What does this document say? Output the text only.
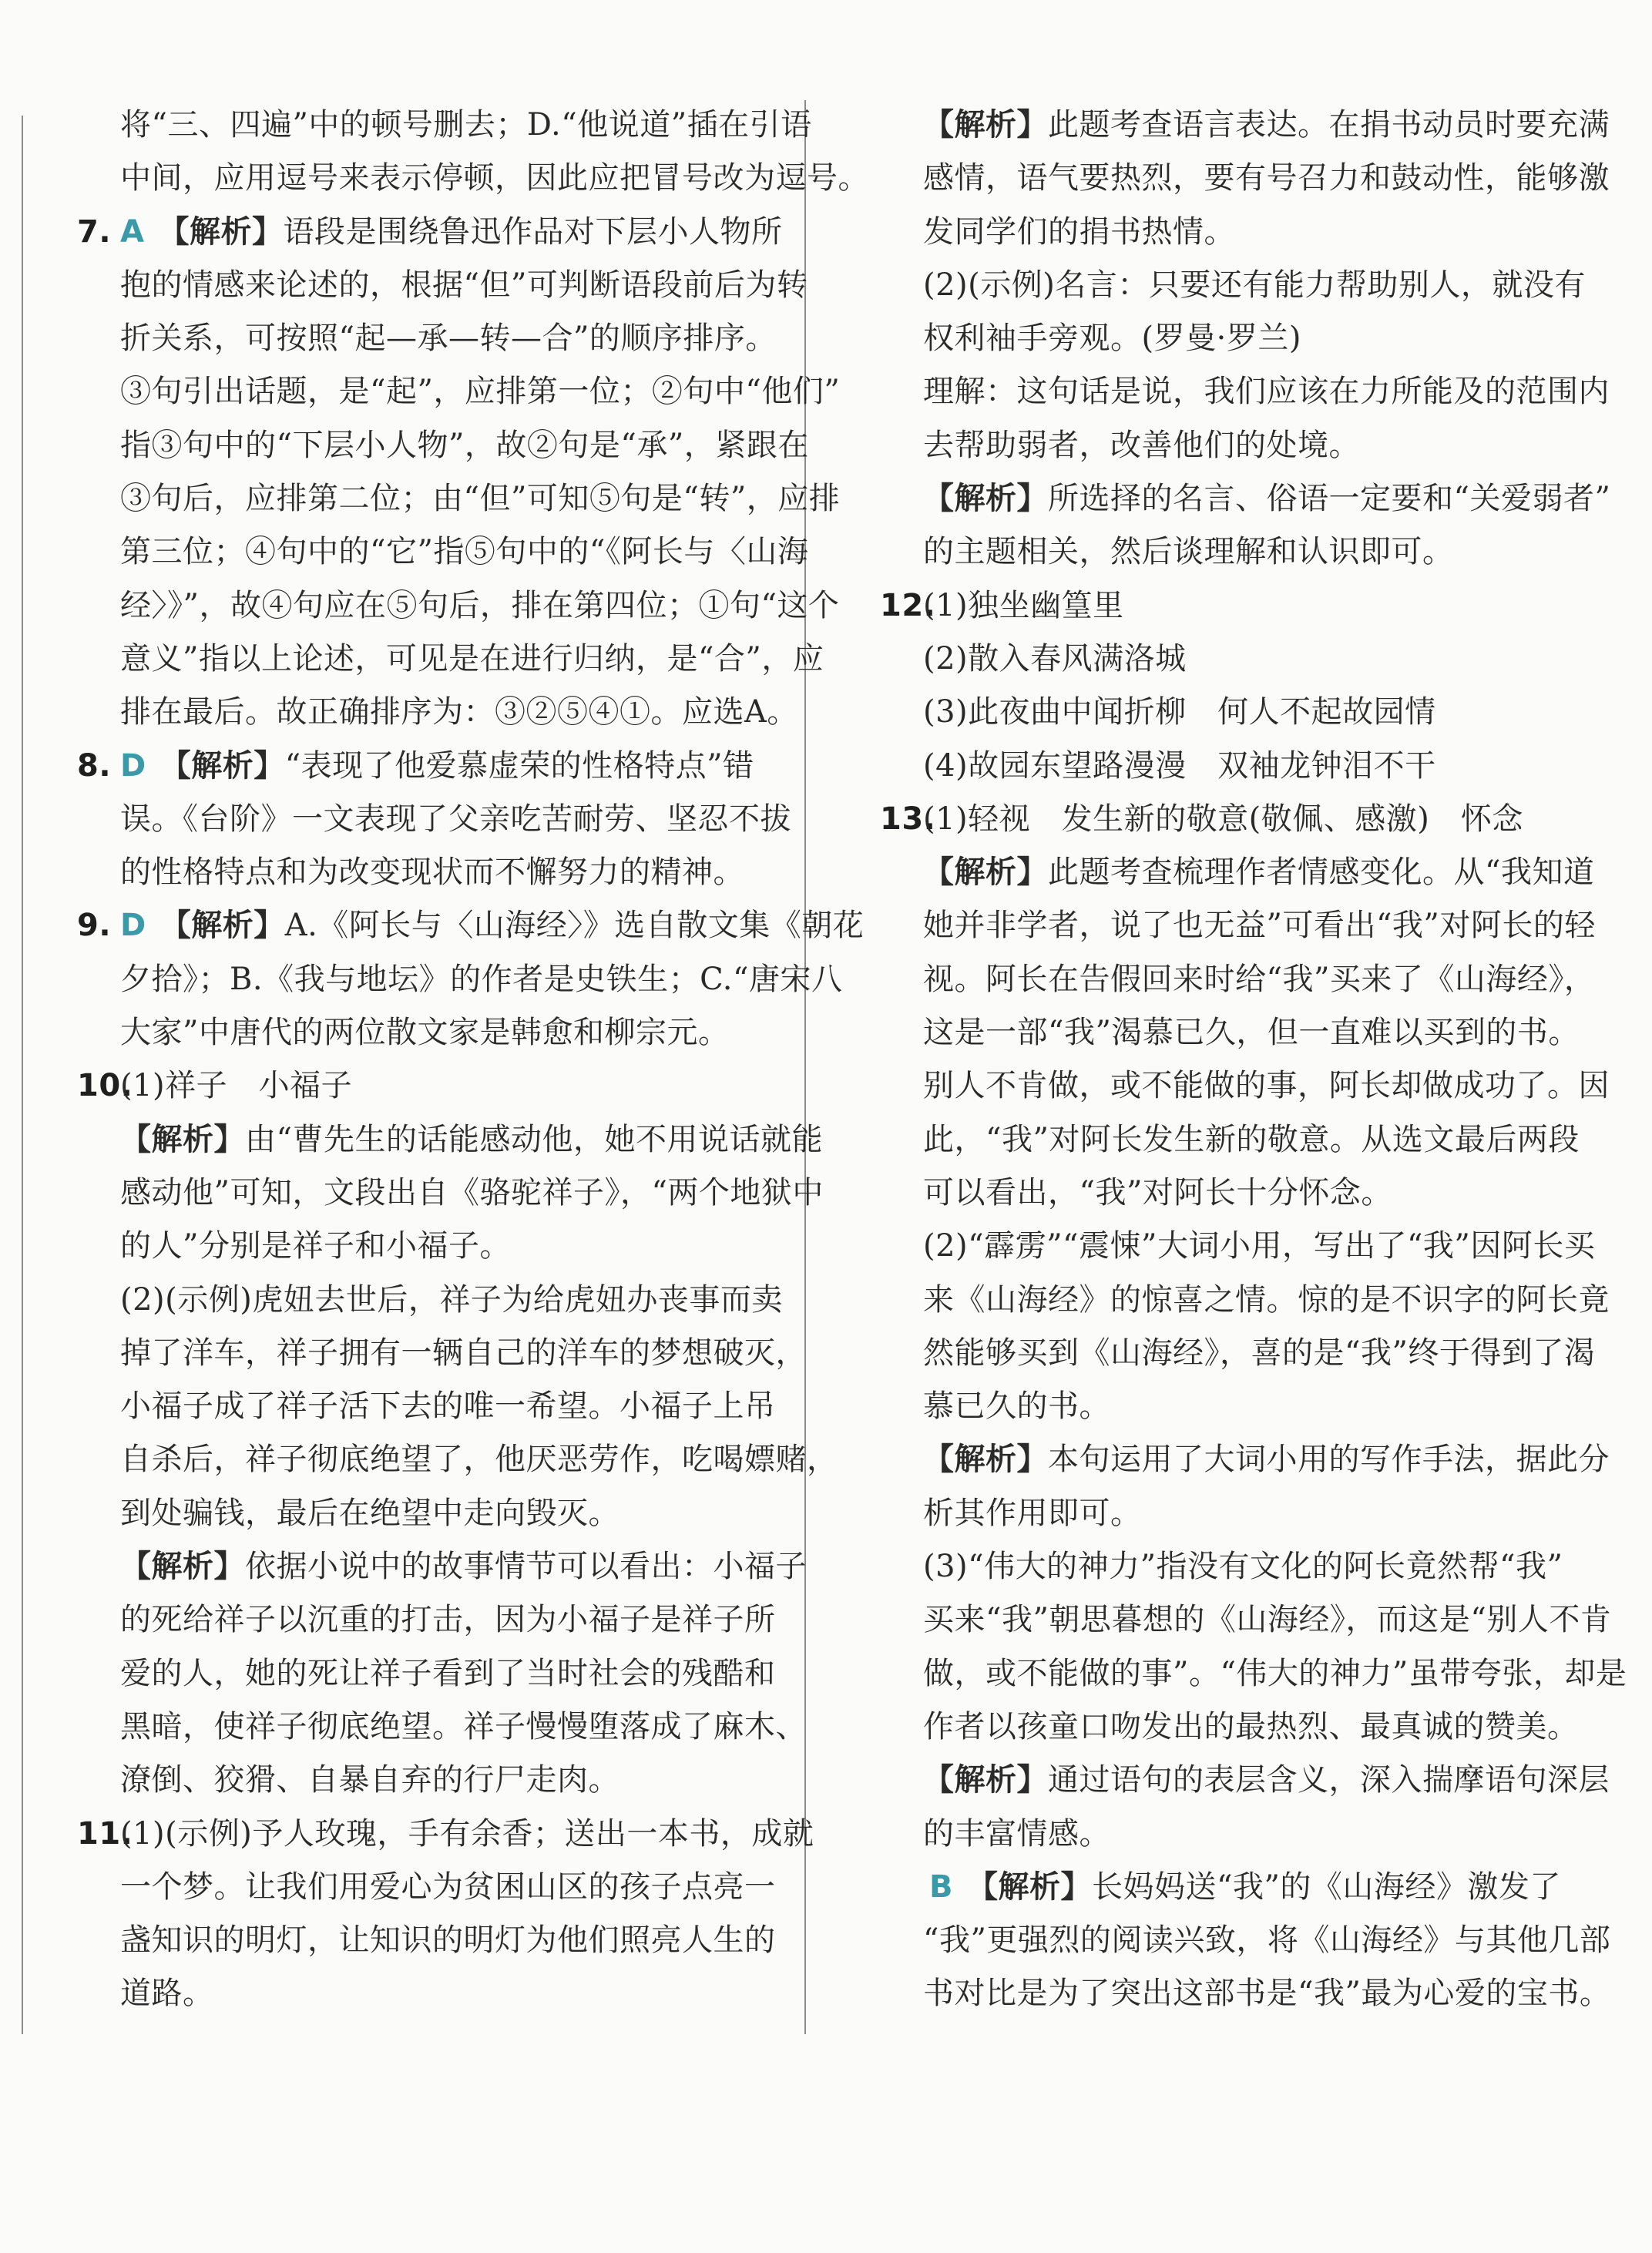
将“三、四遍”中的顿号删去；D.“他说道”插在引语

中间，应用逗号来表示停顿，因此应把冒号改为逗号。

7. A 【解析】语段是围绕鲁迅作品对下层小人物所

抱的情感来论述的，根据“但”可判断语段前后为转

折关系，可按照“起—承—转—合”的顺序排序。

③句引出话题，是“起”，应排第一位；②句中“他们”

指③句中的“下层小人物”，故②句是“承”，紧跟在

③句后，应排第二位；由“但”可知⑤句是“转”，应排

第三位；④句中的“它”指⑤句中的“《阿长与〈山海

经〉》”，故④句应在⑤句后，排在第四位；①句“这个

意义”指以上论述，可见是在进行归纳，是“合”，应

排在最后。故正确排序为：③②⑤④①。应选A。

8. D 【解析】“表现了他爱慕虚荣的性格特点”错

误。《台阶》一文表现了父亲吃苦耐劳、坚忍不拔

的性格特点和为改变现状而不懈努力的精神。

9. D 【解析】A.《阿长与〈山海经〉》选自散文集《朝花

夕拾》；B.《我与地坛》的作者是史铁生；C.“唐宋八

大家”中唐代的两位散文家是韩愈和柳宗元。

10.(1)祥子　小福子

【解析】由“曹先生的话能感动他，她不用说话就能

感动他”可知，文段出自《骆驼祥子》，“两个地狱中

的人”分别是祥子和小福子。

(2)(示例)虎妞去世后，祥子为给虎妞办丧事而卖

掉了洋车，祥子拥有一辆自己的洋车的梦想破灭，

小福子成了祥子活下去的唯一希望。小福子上吊

自杀后，祥子彻底绝望了，他厌恶劳作，吃喝嫖赌，

到处骗钱，最后在绝望中走向毁灭。

【解析】依据小说中的故事情节可以看出：小福子

的死给祥子以沉重的打击，因为小福子是祥子所

爱的人，她的死让祥子看到了当时社会的残酷和

黑暗，使祥子彻底绝望。祥子慢慢堕落成了麻木、

潦倒、狡猾、自暴自弃的行尸走肉。

11.(1)(示例)予人玫瑰，手有余香；送出一本书，成就

一个梦。让我们用爱心为贫困山区的孩子点亮一

盏知识的明灯，让知识的明灯为他们照亮人生的

道路。

【解析】此题考查语言表达。在捐书动员时要充满

感情，语气要热烈，要有号召力和鼓动性，能够激

发同学们的捐书热情。

(2)(示例)名言：只要还有能力帮助别人，就没有

权利袖手旁观。(罗曼·罗兰)

理解：这句话是说，我们应该在力所能及的范围内

去帮助弱者，改善他们的处境。

【解析】所选择的名言、俗语一定要和“关爱弱者”

的主题相关，然后谈理解和认识即可。

12.(1)独坐幽篁里

(2)散入春风满洛城

(3)此夜曲中闻折柳　何人不起故园情

(4)故园东望路漫漫　双袖龙钟泪不干

13.(1)轻视　发生新的敬意(敬佩、感激)　怀念

【解析】此题考查梳理作者情感变化。从“我知道

她并非学者，说了也无益”可看出“我”对阿长的轻

视。阿长在告假回来时给“我”买来了《山海经》，

这是一部“我”渴慕已久，但一直难以买到的书。

别人不肯做，或不能做的事，阿长却做成功了。因

此，“我”对阿长发生新的敬意。从选文最后两段

可以看出，“我”对阿长十分怀念。

(2)“霹雳”“震悚”大词小用，写出了“我”因阿长买

来《山海经》的惊喜之情。惊的是不识字的阿长竟

然能够买到《山海经》，喜的是“我”终于得到了渴

慕已久的书。

【解析】本句运用了大词小用的写作手法，据此分

析其作用即可。

(3)“伟大的神力”指没有文化的阿长竟然帮“我”

买来“我”朝思暮想的《山海经》，而这是“别人不肯

做，或不能做的事”。“伟大的神力”虽带夸张，却是

作者以孩童口吻发出的最热烈、最真诚的赞美。

【解析】通过语句的表层含义，深入揣摩语句深层

的丰富情感。

B 【解析】长妈妈送“我”的《山海经》激发了

“我”更强烈的阅读兴致，将《山海经》与其他几部

书对比是为了突出这部书是“我”最为心爱的宝书。
